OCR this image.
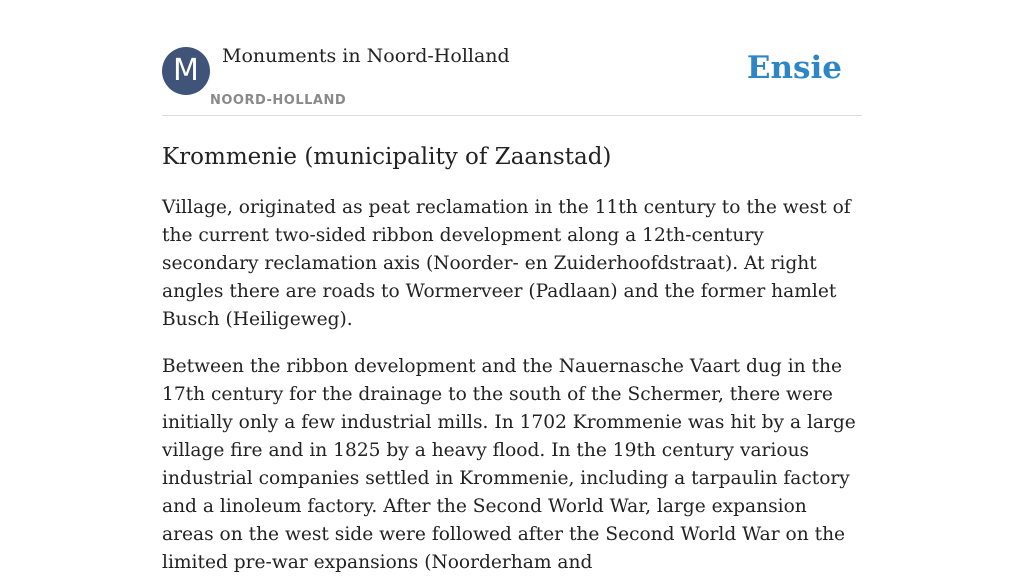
M	Monuments in Noord-Holland
NOORD-HOLLAND
Ensie
Krommenie (municipality of Zaanstad)

Village, originated as peat reclamation in the 11th century to the west of the current two-sided ribbon development along a 12th-century secondary reclamation axis (Noorder- en Zuiderhoofdstraat). At right angles there are roads to Wormerveer (Padlaan) and the former hamlet Busch (Heiligeweg).

Between the ribbon development and the Nauernasche Vaart dug in the 17th century for the drainage to the south of the Schermer, there were initially only a few industrial mills. In 1702 Krommenie was hit by a large village fire and in 1825 by a heavy flood. In the 19th century various industrial companies settled in Krommenie, including a tarpaulin factory and a linoleum factory. After the Second World War, large expansion areas on the west side were followed after the Second World War on the limited pre-war expansions (Noorderham and
